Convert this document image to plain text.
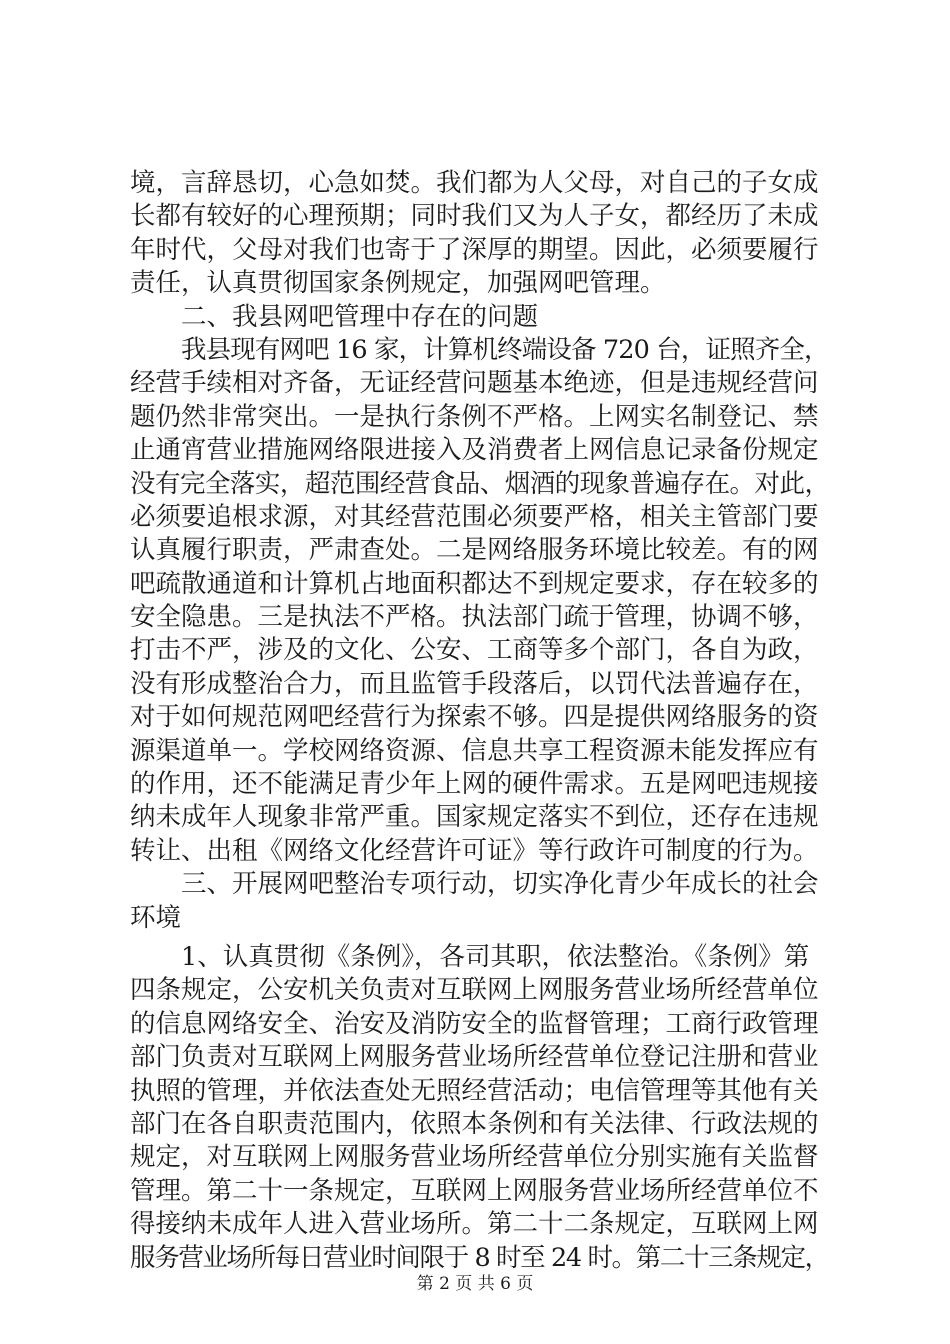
境，言辞恳切，心急如焚。我们都为人父母，对自己的子女成
长都有较好的心理预期；同时我们又为人子女，都经历了未成
年时代，父母对我们也寄于了深厚的期望。因此，必须要履行
责任，认真贯彻国家条例规定，加强网吧管理。
二、我县网吧管理中存在的问题
我县现有网吧 16 家，计算机终端设备 720 台，证照齐全，
经营手续相对齐备，无证经营问题基本绝迹，但是违规经营问
题仍然非常突出。一是执行条例不严格。上网实名制登记、禁
止通宵营业措施网络限进接入及消费者上网信息记录备份规定
没有完全落实，超范围经营食品、烟酒的现象普遍存在。对此，
必须要追根求源，对其经营范围必须要严格，相关主管部门要
认真履行职责，严肃查处。二是网络服务环境比较差。有的网
吧疏散通道和计算机占地面积都达不到规定要求，存在较多的
安全隐患。三是执法不严格。执法部门疏于管理，协调不够，
打击不严，涉及的文化、公安、工商等多个部门，各自为政，
没有形成整治合力，而且监管手段落后，以罚代法普遍存在，
对于如何规范网吧经营行为探索不够。四是提供网络服务的资
源渠道单一。学校网络资源、信息共享工程资源未能发挥应有
的作用，还不能满足青少年上网的硬件需求。五是网吧违规接
纳未成年人现象非常严重。国家规定落实不到位，还存在违规
转让、出租《网络文化经营许可证》等行政许可制度的行为。
三、开展网吧整治专项行动，切实净化青少年成长的社会
环境
1、认真贯彻《条例》，各司其职，依法整治。《条例》第
四条规定，公安机关负责对互联网上网服务营业场所经营单位
的信息网络安全、治安及消防安全的监督管理；工商行政管理
部门负责对互联网上网服务营业场所经营单位登记注册和营业
执照的管理，并依法查处无照经营活动；电信管理等其他有关
部门在各自职责范围内，依照本条例和有关法律、行政法规的
规定，对互联网上网服务营业场所经营单位分别实施有关监督
管理。第二十一条规定，互联网上网服务营业场所经营单位不
得接纳未成年人进入营业场所。第二十二条规定，互联网上网
服务营业场所每日营业时间限于 8 时至 24 时。第二十三条规定，
第 2 页 共 6 页
